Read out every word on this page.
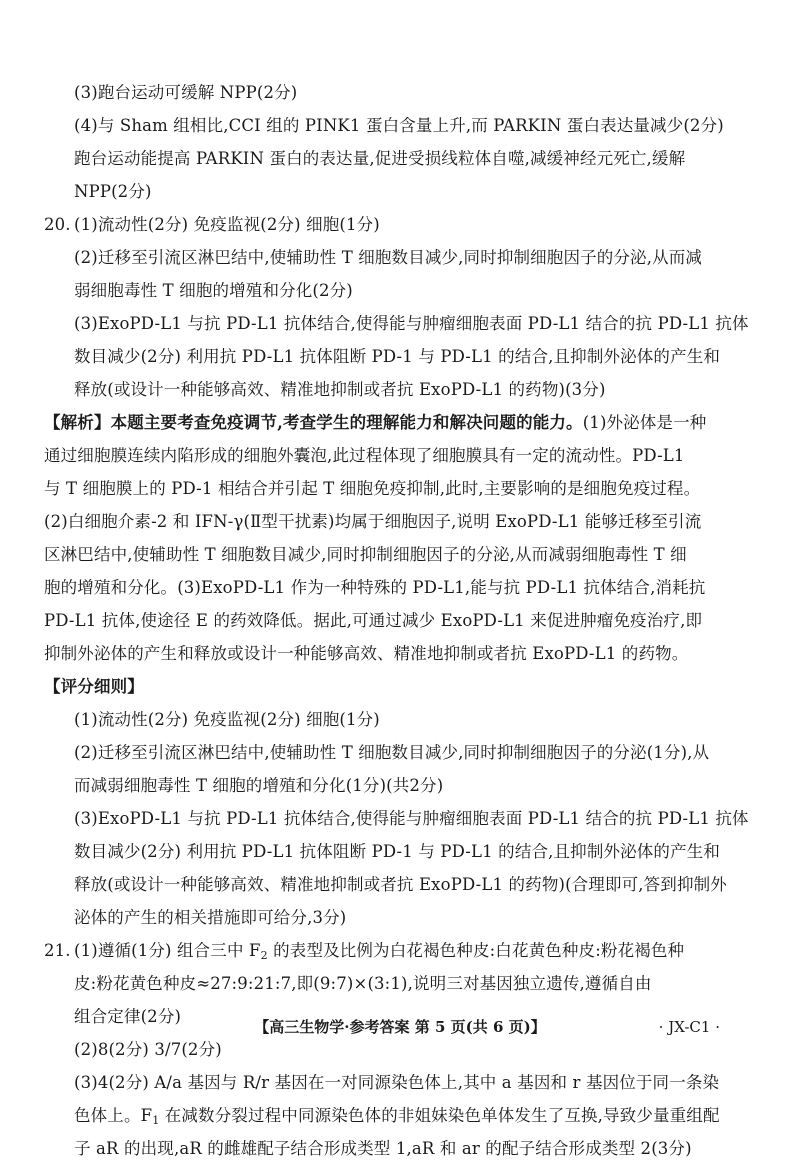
(3)跑台运动可缓解 NPP(2分)
(4)与 Sham 组相比,CCI 组的 PINK1 蛋白含量上升,而 PARKIN 蛋白表达量减少(2分)
跑台运动能提高 PARKIN 蛋白的表达量,促进受损线粒体自噬,减缓神经元死亡,缓解
NPP(2分)
20. (1)流动性(2分) 免疫监视(2分) 细胞(1分)
(2)迁移至引流区淋巴结中,使辅助性 T 细胞数目减少,同时抑制细胞因子的分泌,从而减
弱细胞毒性 T 细胞的增殖和分化(2分)
(3)ExoPD-L1 与抗 PD-L1 抗体结合,使得能与肿瘤细胞表面 PD-L1 结合的抗 PD-L1 抗体
数目减少(2分) 利用抗 PD-L1 抗体阻断 PD-1 与 PD-L1 的结合,且抑制外泌体的产生和
释放(或设计一种能够高效、精准地抑制或者抗 ExoPD-L1 的药物)(3分)
【解析】本题主要考查免疫调节,考查学生的理解能力和解决问题的能力。(1)外泌体是一种
通过细胞膜连续内陷形成的细胞外囊泡,此过程体现了细胞膜具有一定的流动性。PD-L1
与 T 细胞膜上的 PD-1 相结合并引起 T 细胞免疫抑制,此时,主要影响的是细胞免疫过程。
(2)白细胞介素-2 和 IFN-γ(Ⅱ型干扰素)均属于细胞因子,说明 ExoPD-L1 能够迁移至引流
区淋巴结中,使辅助性 T 细胞数目减少,同时抑制细胞因子的分泌,从而减弱细胞毒性 T 细
胞的增殖和分化。(3)ExoPD-L1 作为一种特殊的 PD-L1,能与抗 PD-L1 抗体结合,消耗抗
PD-L1 抗体,使途径 E 的药效降低。据此,可通过减少 ExoPD-L1 来促进肿瘤免疫治疗,即
抑制外泌体的产生和释放或设计一种能够高效、精准地抑制或者抗 ExoPD-L1 的药物。
【评分细则】
(1)流动性(2分) 免疫监视(2分) 细胞(1分)
(2)迁移至引流区淋巴结中,使辅助性 T 细胞数目减少,同时抑制细胞因子的分泌(1分),从
而减弱细胞毒性 T 细胞的增殖和分化(1分)(共2分)
(3)ExoPD-L1 与抗 PD-L1 抗体结合,使得能与肿瘤细胞表面 PD-L1 结合的抗 PD-L1 抗体
数目减少(2分) 利用抗 PD-L1 抗体阻断 PD-1 与 PD-L1 的结合,且抑制外泌体的产生和
释放(或设计一种能够高效、精准地抑制或者抗 ExoPD-L1 的药物)(合理即可,答到抑制外
泌体的产生的相关措施即可给分,3分)
21. (1)遵循(1分) 组合三中 $F_2$ 的表型及比例为白花褐色种皮:白花黄色种皮:粉花褐色种
皮:粉花黄色种皮≈27:9:21:7,即(9:7)×(3:1),说明三对基因独立遗传,遵循自由
组合定律(2分)
(2)8(2分) 3/7(2分)
(3)4(2分) A/a 基因与 R/r 基因在一对同源染色体上,其中 a 基因和 r 基因位于同一条染
色体上。$F_1$ 在减数分裂过程中同源染色体的非姐妹染色单体发生了互换,导致少量重组配
子 aR 的出现,aR 的雌雄配子结合形成类型 1,aR 和 ar 的配子结合形成类型 2(3分)
【高三生物学·参考答案 第 5 页(共 6 页)】	· JX-C1 ·
